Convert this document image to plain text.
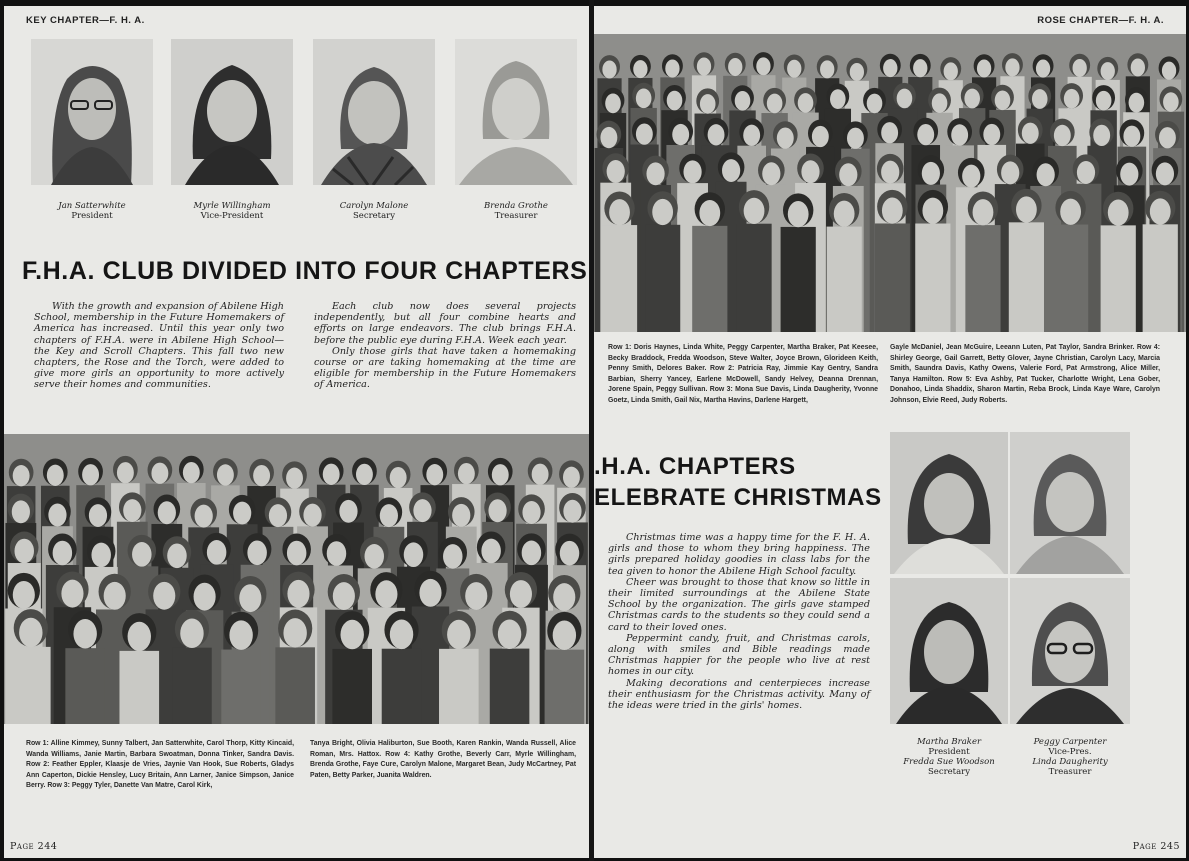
KEY CHAPTER—F. H. A.
Jan Satterwhite
President
Myrle Willingham
Vice-President
Carolyn Malone
Secretary
Brenda Grothe
Treasurer
F.H.A. CLUB DIVIDED INTO FOUR CHAPTERS

With the growth and expansion of Abilene High School, membership in the Future Homemakers of America has increased. Until this year only two chapters of F.H.A. were in Abilene High School—the Key and Scroll Chapters. This fall two new chapters, the Rose and the Torch, were added to give more girls an opportunity to more actively serve their homes and communities.

Each club now does several projects independently, but all four combine hearts and efforts on large endeavors. The club brings F.H.A. before the public eye during F.H.A. Week each year.

Only those girls that have taken a homemaking course or are taking homemaking at the time are eligible for membership in the Future Homemakers of America.

Row 1: Alline Kimmey, Sunny Talbert, Jan Satterwhite, Carol Thorp, Kitty Kincaid, Wanda Williams, Janie Martin, Barbara Swoatman, Donna Tinker, Sandra Davis. Row 2: Feather Eppler, Klaasje de Vries, Jaynie Van Hook, Sue Roberts, Gladys Ann Caperton, Dickie Hensley, Lucy Britain, Ann Larner, Janice Simpson, Janice Berry. Row 3: Peggy Tyler, Danette Van Matre, Carol Kirk,
Tanya Bright, Olivia Haliburton, Sue Booth, Karen Rankin, Wanda Russell, Alice Roman, Mrs. Hattox. Row 4: Kathy Grothe, Beverly Carr, Myrle Willingham, Brenda Grothe, Faye Cure, Carolyn Malone, Margaret Bean, Judy McCartney, Pat Paten, Betty Parker, Juanita Waldren.
Page 244
ROSE CHAPTER—F. H. A.
Row 1: Doris Haynes, Linda White, Peggy Carpenter, Martha Braker, Pat Keesee, Becky Braddock, Fredda Woodson, Steve Walter, Joyce Brown, Glorideen Keith, Penny Smith, Delores Baker. Row 2: Patricia Ray, Jimmie Kay Gentry, Sandra Barbian, Sherry Yancey, Earlene McDowell, Sandy Helvey, Deanna Drennan, Jorene Spain, Peggy Sullivan. Row 3: Mona Sue Davis, Linda Daugherity, Yvonne Goetz, Linda Smith, Gail Nix, Martha Havins, Darlene Hargett,
Gayle McDaniel, Jean McGuire, Leeann Luten, Pat Taylor, Sandra Brinker. Row 4: Shirley George, Gail Garrett, Betty Glover, Jayne Christian, Carolyn Lacy, Marcia Smith, Saundra Davis, Kathy Owens, Valerie Ford, Pat Armstrong, Alice Miller, Tanya Hamilton. Row 5: Eva Ashby, Pat Tucker, Charlotte Wright, Lena Gober, Donahoo, Linda Shaddix, Sharon Martin, Reba Brock, Linda Kaye Ware, Carolyn Johnson, Elvie Reed, Judy Roberts.
.H.A. CHAPTERS
ELEBRATE CHRISTMAS

Christmas time was a happy time for the F. H. A. girls and those to whom they bring happiness. The girls prepared holiday goodies in class labs for the tea given to honor the Abilene High School faculty.

Cheer was brought to those that know so little in their limited surroundings at the Abilene State School by the organization. The girls gave stamped Christmas cards to the students so they could send a card to their loved ones.

Peppermint candy, fruit, and Christmas carols, along with smiles and Bible readings made Christmas happier for the people who live at rest homes in our city.

Making decorations and centerpieces increase their enthusiasm for the Christmas activity. Many of the ideas were tried in the girls' homes.

Martha Braker
President
Fredda Sue Woodson
Secretary
Peggy Carpenter
Vice-Pres.
Linda Daugherity
Treasurer
Page 245
